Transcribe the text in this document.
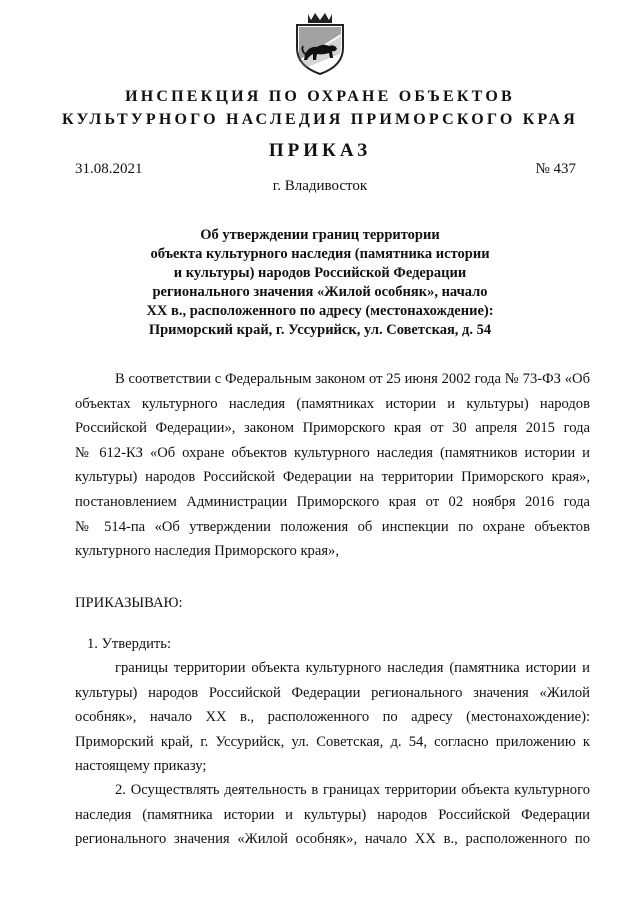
ИНСПЕКЦИЯ ПО ОХРАНЕ ОБЪЕКТОВ
КУЛЬТУРНОГО НАСЛЕДИЯ ПРИМОРСКОГО КРАЯ
ПРИКАЗ
31.08.2021	№ 437
г. Владивосток
Об утверждении границ территории
объекта культурного наследия (памятника истории
и культуры) народов Российской Федерации
регионального значения «Жилой особняк», начало
XX в., расположенного по адресу (местонахождение):
Приморский край, г. Уссурийск, ул. Советская, д. 54
В соответствии с Федеральным законом от 25 июня 2002 года № 73-ФЗ «Об
объектах культурного наследия (памятниках истории и культуры) народов
Российской Федерации», законом Приморского края от 30 апреля 2015 года
№ 612-КЗ «Об охране объектов культурного наследия (памятников истории и
культуры) народов Российской Федерации на территории Приморского края»,
постановлением Администрации Приморского края от 02 ноября 2016 года
№ 514-па «Об утверждении положения об инспекции по охране объектов
культурного наследия Приморского края»,
ПРИКАЗЫВАЮ:
1. Утвердить:
границы территории объекта культурного наследия (памятника истории и
культуры) народов Российской Федерации регионального значения «Жилой
особняк», начало XX в., расположенного по адресу (местонахождение):
Приморский край, г. Уссурийск, ул. Советская, д. 54, согласно приложению к
настоящему приказу;
2. Осуществлять деятельность в границах территории объекта культурного
наследия (памятника истории и культуры) народов Российской Федерации
регионального значения «Жилой особняк», начало XX в., расположенного по
